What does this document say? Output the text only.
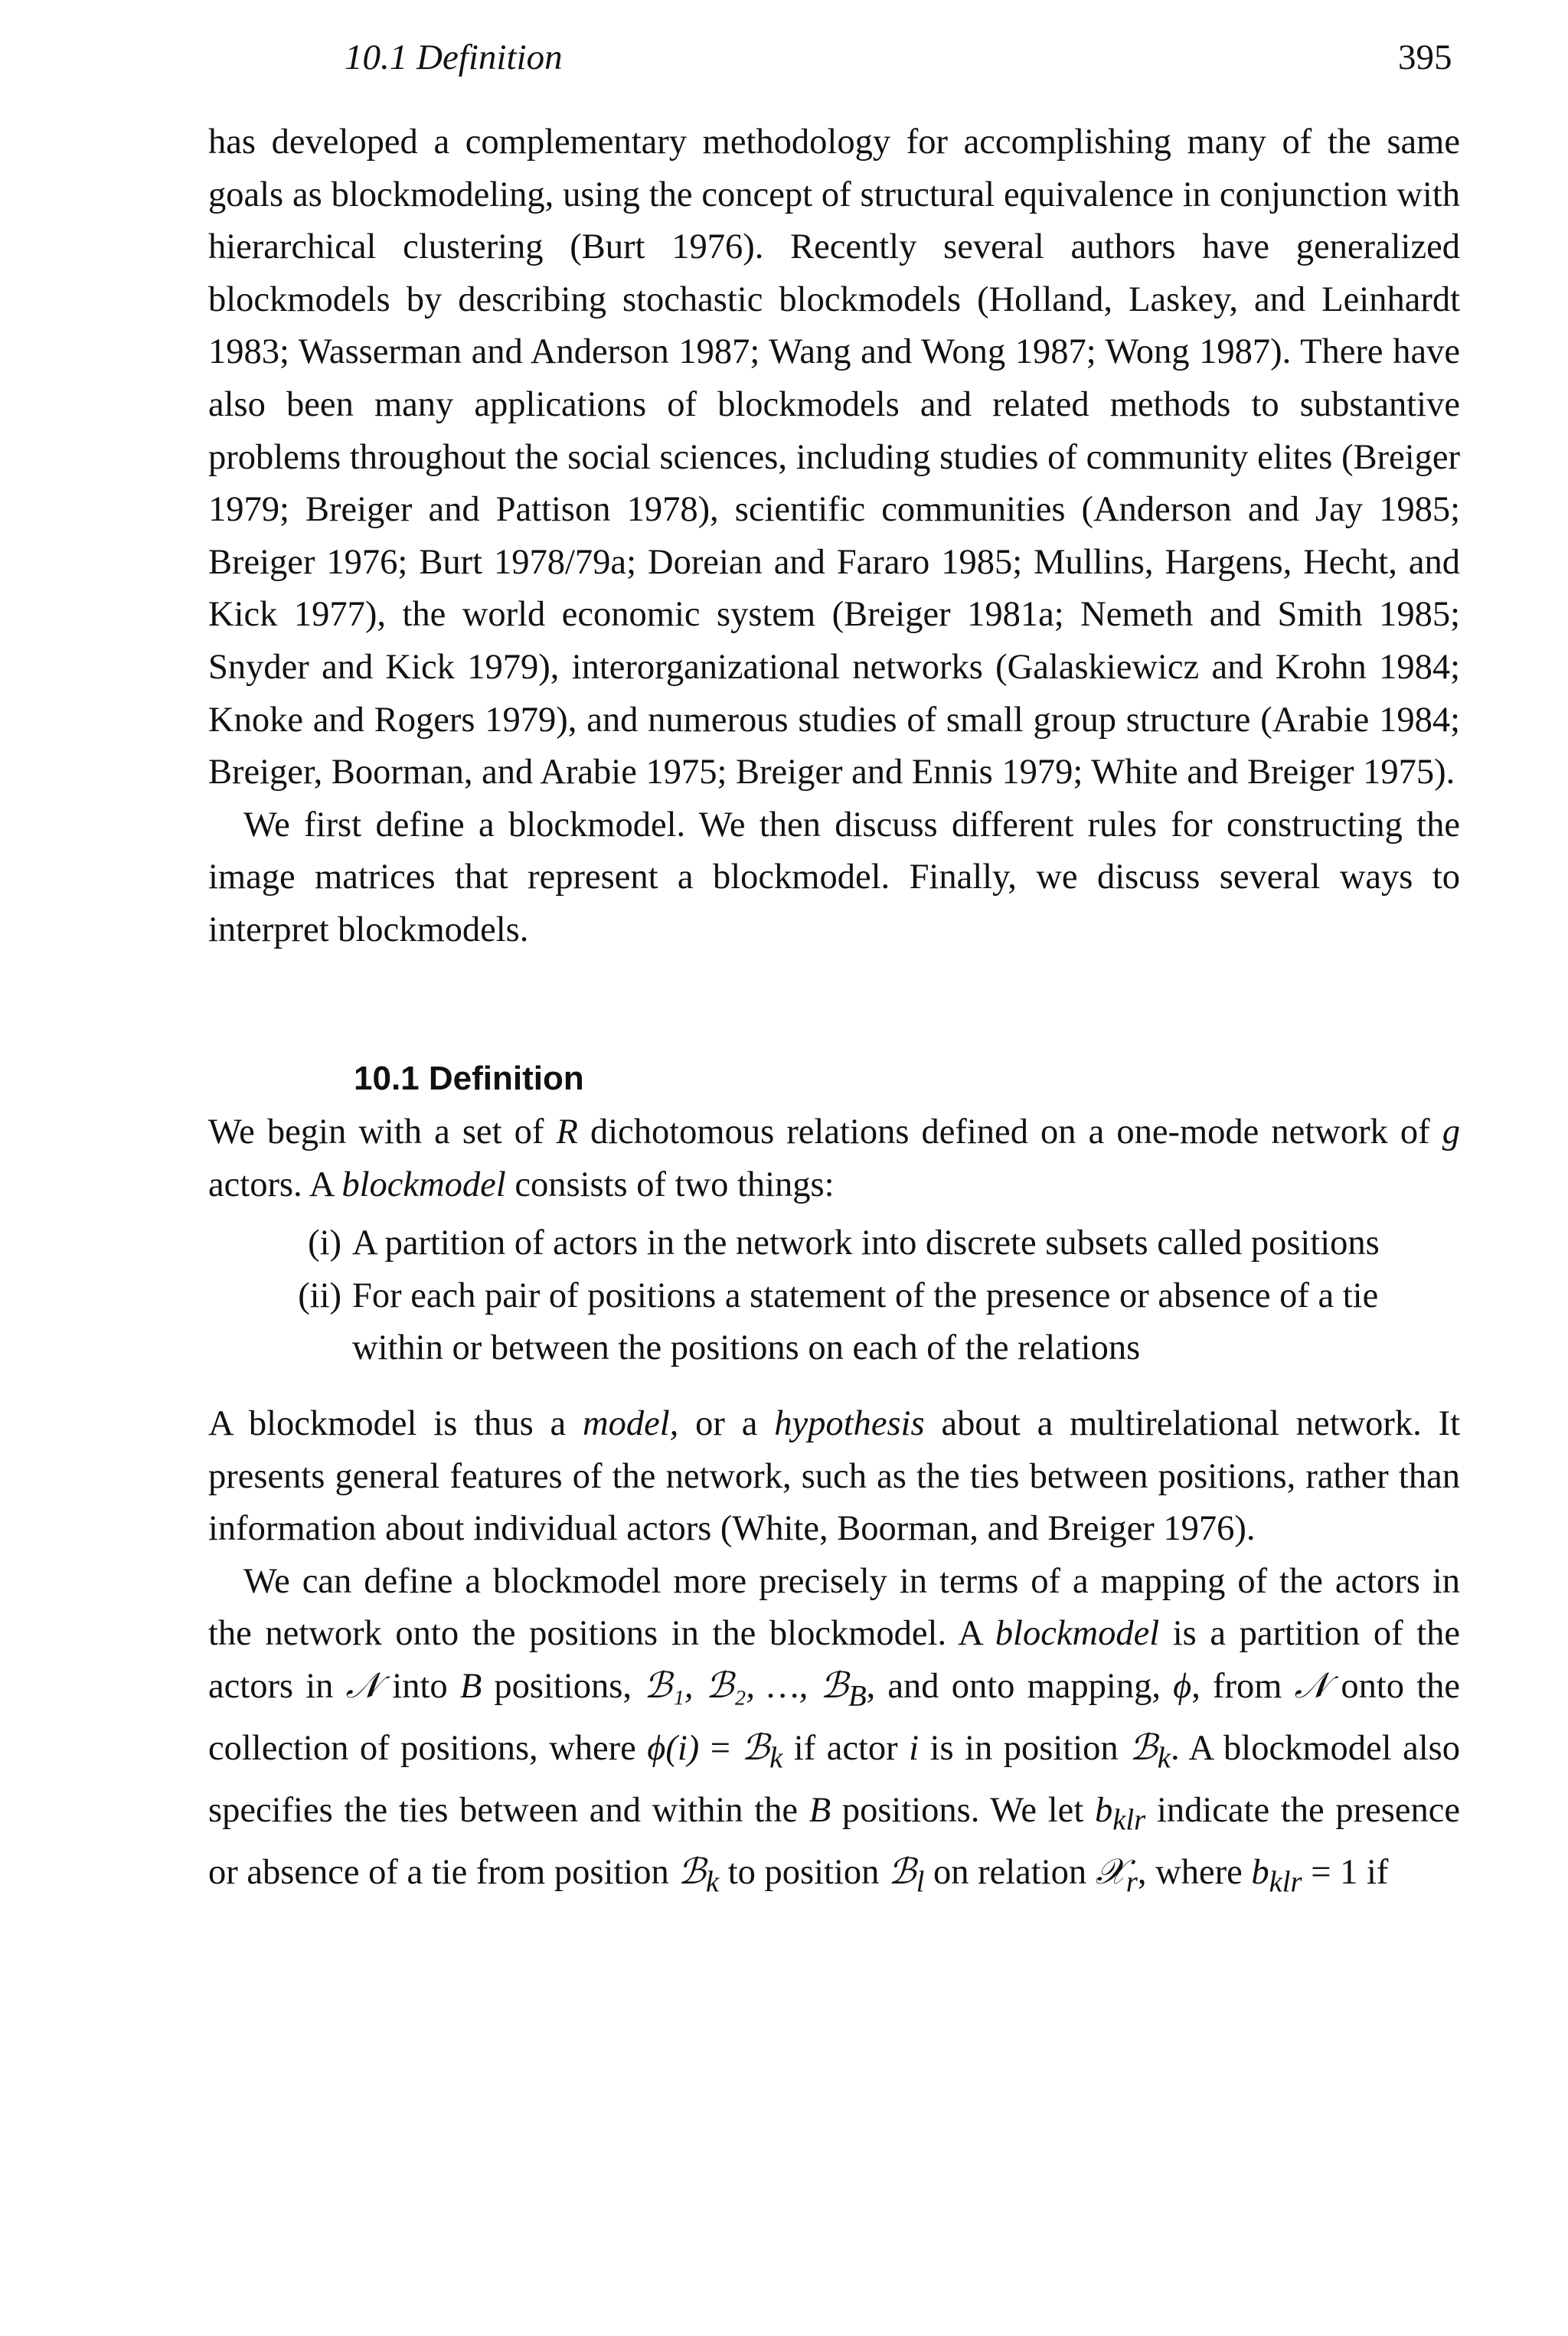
10.1 Definition	395

has developed a complementary methodology for accomplishing many of the same goals as blockmodeling, using the concept of structural equivalence in conjunction with hierarchical clustering (Burt 1976). Recently several authors have generalized blockmodels by describing stochastic blockmodels (Holland, Laskey, and Leinhardt 1983; Wasserman and Anderson 1987; Wang and Wong 1987; Wong 1987). There have also been many applications of blockmodels and related methods to substantive problems throughout the social sciences, including studies of community elites (Breiger 1979; Breiger and Pattison 1978), scientific communities (Anderson and Jay 1985; Breiger 1976; Burt 1978/79a; Doreian and Fararo 1985; Mullins, Hargens, Hecht, and Kick 1977), the world economic system (Breiger 1981a; Nemeth and Smith 1985; Snyder and Kick 1979), interorganizational networks (Galaskiewicz and Krohn 1984; Knoke and Rogers 1979), and numerous studies of small group structure (Arabie 1984; Breiger, Boorman, and Arabie 1975; Breiger and Ennis 1979; White and Breiger 1975).

We first define a blockmodel. We then discuss different rules for constructing the image matrices that represent a blockmodel. Finally, we discuss several ways to interpret blockmodels.

10.1 Definition

We begin with a set of R dichotomous relations defined on a one-mode network of g actors. A blockmodel consists of two things:

(i) A partition of actors in the network into discrete subsets called positions
(ii) For each pair of positions a statement of the presence or absence of a tie within or between the positions on each of the relations

A blockmodel is thus a model, or a hypothesis about a multirelational network. It presents general features of the network, such as the ties between positions, rather than information about individual actors (White, Boorman, and Breiger 1976).

We can define a blockmodel more precisely in terms of a mapping of the actors in the network onto the positions in the blockmodel. A blockmodel is a partition of the actors in 𝒩 into B positions, ℬ₁, ℬ₂, …, ℬ$_B$, and onto mapping, ϕ, from 𝒩 onto the collection of positions, where ϕ(i) = ℬ$_k$ if actor i is in position ℬ$_k$. A blockmodel also specifies the ties between and within the B positions. We let $b_{klr}$ indicate the presence or absence of a tie from position ℬ$_k$ to position ℬ$_l$ on relation 𝒳$_r$, where $b_{klr} = 1$ if
